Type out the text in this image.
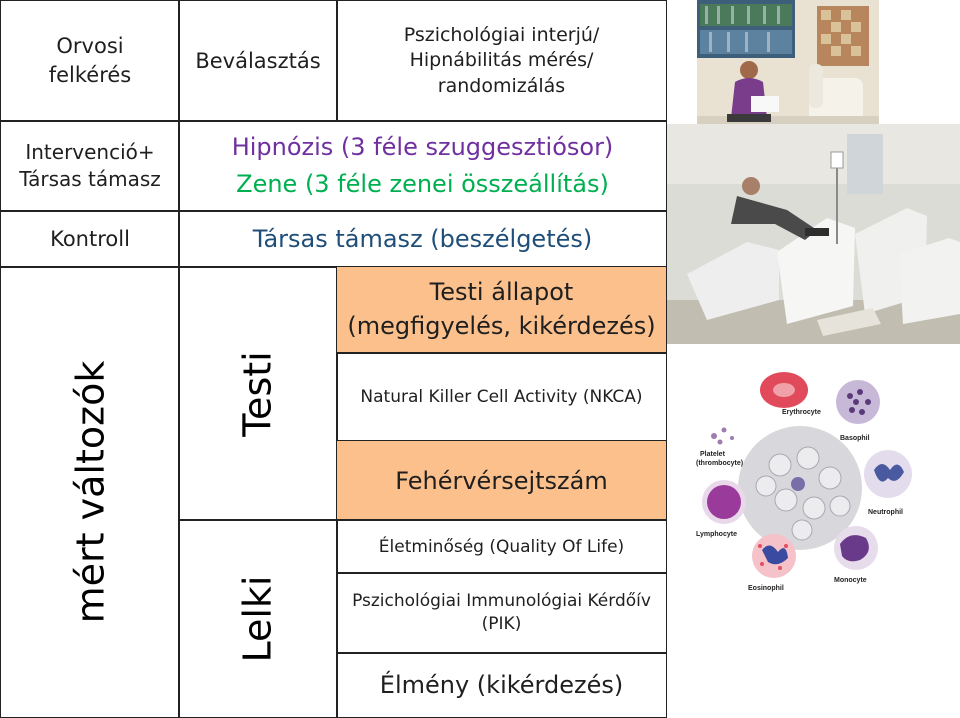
Orvosi felkérés
Beválasztás
Pszichológiai interjú/ Hipnábilitás mérés/ randomizálás
Intervenció+ Társas támasz
Hipnózis (3 féle szuggesztiósor)
Zene (3 féle zenei összeállítás)
Kontroll	Társas támasz (beszélgetés)
mért változók	Testi
Lelki
Testi állapot (megfigyelés, kikérdezés)
Natural Killer Cell Activity (NKCA)
Fehérvérsejtszám
Életminőség (Quality Of Life)
Pszichológiai Immunológiai Kérdőív (PIK)
Élmény (kikérdezés)
Erythrocyte
Basophil
Platelet
(thrombocyte)
Neutrophil
Lymphocyte
Monocyte
Eosinophil
